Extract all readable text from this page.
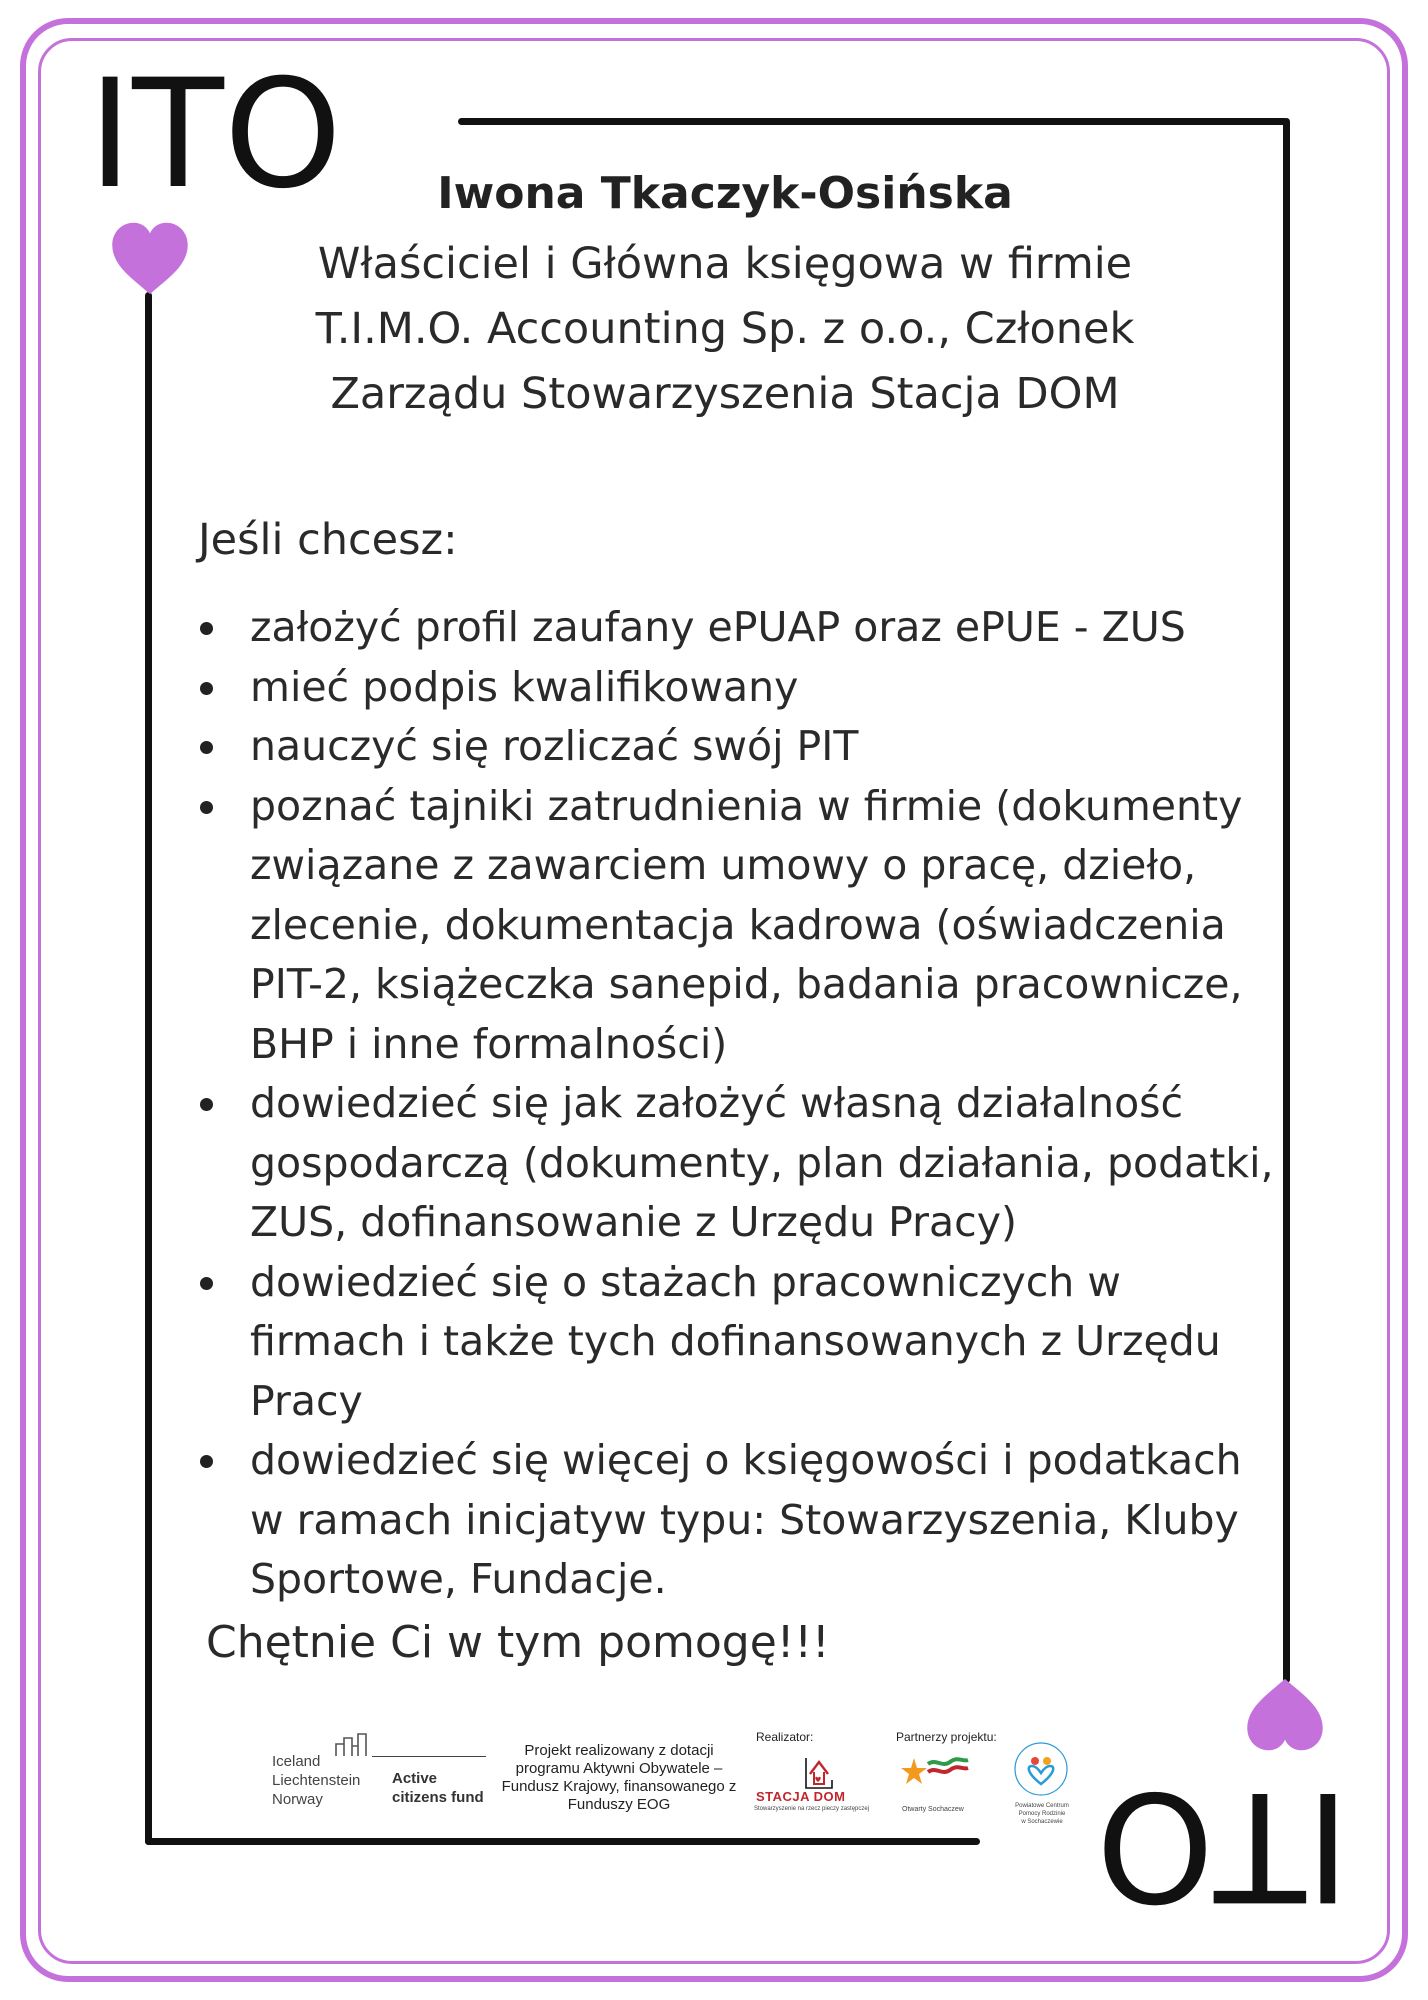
ITO
ITO
Iwona Tkaczyk-Osińska
Właściciel i Główna księgowa w firmie T.I.M.O. Accounting Sp. z o.o., Członek Zarządu Stowarzyszenia Stacja DOM
Jeśli chcesz:
założyć profil zaufany ePUAP oraz ePUE - ZUS
mieć podpis kwalifikowany
nauczyć się rozliczać swój PIT
poznać tajniki zatrudnienia w firmie (dokumenty związane z zawarciem umowy o pracę, dzieło, zlecenie, dokumentacja kadrowa (oświadczenia PIT-2, książeczka sanepid, badania pracownicze, BHP i inne formalności)
dowiedzieć się jak założyć własną działalność gospodarczą (dokumenty, plan działania, podatki, ZUS, dofinansowanie z Urzędu Pracy)
dowiedzieć się o stażach pracowniczych w firmach i także tych dofinansowanych z Urzędu Pracy
dowiedzieć się więcej o księgowości i podatkach w ramach inicjatyw typu: Stowarzyszenia, Kluby Sportowe, Fundacje.
Chętnie Ci w tym pomogę!!!
Iceland Liechtenstein Norway
Active
citizens fund
Projekt realizowany z dotacji programu Aktywni Obywatele – Fundusz Krajowy, finansowanego z Funduszy EOG
Realizator:
STACJA DOM
Stowarzyszenie na rzecz pieczy zastępczej
Partnerzy projektu:
Otwarty Sochaczew	Powiatowe Centrum Pomocy Rodzinie
w Sochaczewie
